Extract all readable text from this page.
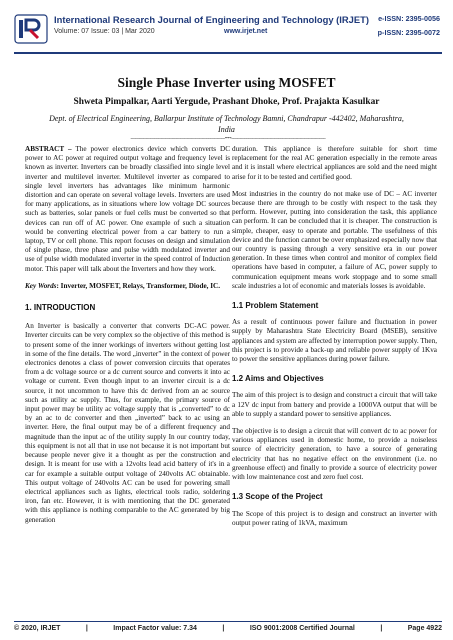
International Research Journal of Engineering and Technology (IRJET)
Volume: 07 Issue: 03 | Mar 2020	www.irjet.net
e-ISSN: 2395-0056
p-ISSN: 2395-0072
Single Phase Inverter using MOSFET
Shweta Pimpalkar, Aarti Yergude, Prashant Dhoke, Prof. Prajakta Kasulkar
Dept. of Electrical Engineering, Ballarpur Institute of Technology Bamni, Chandrapur -442402, Maharashtra, India
---------------------------------------------------------------------***---------------------------------------------------------------------

ABSTRACT – The power electronics device which converts DC power to AC power at required output voltage and frequency level is known as inverter. Inverters can be broadly classified into single level inverter and multilevel inverter. Multilevel inverter as compared to single level inverters has advantages like minimum harmonic distortion and can operate on several voltage levels. Inverters are used for many applications, as in situations where low voltage DC sources such as batteries, solar panels or fuel cells must be converted so that devices can run off of AC power. One example of such a situation would be converting electrical power from a car battery to run a laptop, TV or cell phone. This report focuses on design and simulation of single phase, three phase and pulse width modulated inverter and use of pulse width modulated inverter in the speed control of Induction motor. This paper will talk about the Inverters and how they work.

Key Words: Inverter, MOSFET, Relays, Transformer, Diode, IC.

1. INTRODUCTION

An Inverter is basically a converter that converts DC-AC power. Inverter circuits can be very complex so the objective of this method is to present some of the inner workings of inverters without getting lost in some of the fine details. The word „inverter” in the context of power electronics denotes a class of power conversion circuits that operates from a dc voltage source or a dc current source and converts it into ac voltage or current. Even though input to an inverter circuit is a dc source, it not uncommon to have this dc derived from an ac source such as utility ac supply. Thus, for example, the primary source of input power may be utility ac voltage supply that is „converted” to dc by an ac to dc converter and then „inverted” back to ac using an inverter. Here, the final output may be of a different frequency and magnitude than the input ac of the utility supply In our country today, this equipment is not all that in use not because it is not important but because people never give it a thought as per the construction and design. It is meant for use with a 12volts lead acid battery of it's in a car for example a suitable output voltage of 240volts AC obtainable. This output voltage of 240volts AC can be used for powering small electrical appliances such as lights, electrical tools radio, soldering iron, fan etc. However, it is with mentioning that the DC generated with this appliance is nothing comparable to the AC generated by big generation

duration. This appliance is therefore suitable for short time replacement for the real AC generation especially in the remote areas and it is install where electrical appliances are sold and the need might arise for it to be tested and certified good.

Most industries in the country do not make use of DC – AC inverter because there are through to be costly with respect to the task they perform. However, putting into consideration the task, this appliance can perform. It can be concluded that it is cheaper. The construction is simple, cheaper, easy to operate and portable. The usefulness of this device and the function cannot be over emphasized especially now that our country is passing through a very sensitive era in our power generation. In these times when control and monitor of complex field operations have based in computer, a failure of AC, power supply to communication equipment means work stoppage and to some small scale industries a lot of economic and materials losses is avoidable.

1.1 Problem Statement

As a result of continuous power failure and fluctuation in power supply by Maharashtra State Electricity Board (MSEB), sensitive appliances and system are affected by interruption power supply. Then, this project is to provide a back-up and reliable power supply of 1Kva to power the sensitive appliances during power failure.

1.2 Aims and Objectives

The aim of this project is to design and construct a circuit that will take a 12V dc input from battery and provide a 1000VA output that will be able to supply a standard power to sensitive appliances.

The objective is to design a circuit that will convert dc to ac power for various appliances used in domestic home, to provide a noiseless source of electricity generation, to have a source of generating electricity that has no negative effect on the environment (i.e. no greenhouse effect) and finally to provide a source of electricity power with low maintenance cost and zero fuel cost.

1.3 Scope of the Project

The Scope of this project is to design and construct an inverter with output power rating of 1kVA, maximum

© 2020, IRJET	|	Impact Factor value: 7.34	|	ISO 9001:2008 Certified Journal	|	Page 4922
